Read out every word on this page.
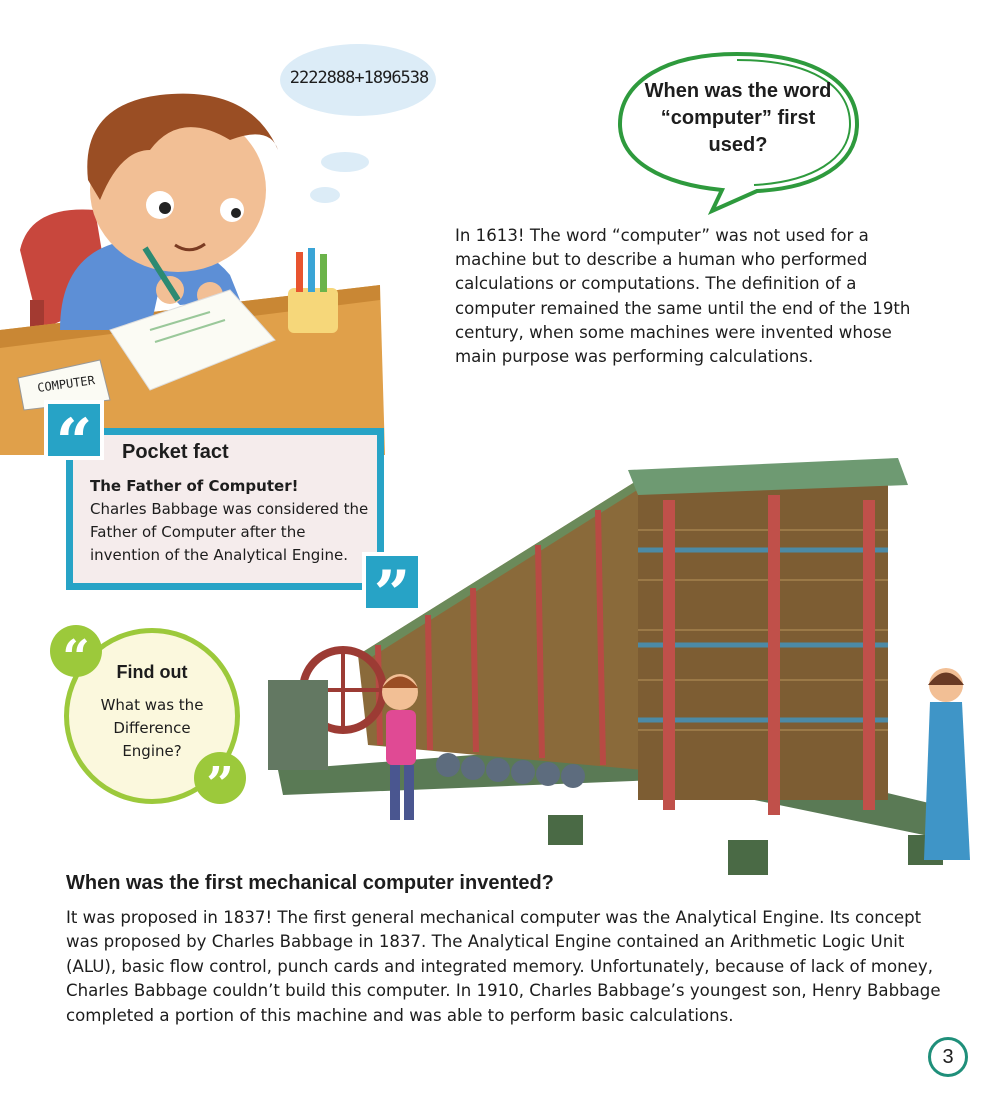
COMPUTER
2222888+1896538
When was the word “computer” first used?
In 1613! The word “computer” was not used for a machine but to describe a human who performed calculations or computations. The definition of a computer remained the same until the end of the 19th century, when some machines were invented whose main purpose was performing calculations.
“
”
Pocket fact
The Father of Computer!
Charles Babbage was considered the Father of Computer after the invention of the Analytical Engine.
“
”
Find out
What was the Difference Engine?
When was the first mechanical computer invented?
It was proposed in 1837! The first general mechanical computer was the Analytical Engine. Its concept was proposed by Charles Babbage in 1837. The Analytical Engine contained an Arithmetic Logic Unit (ALU), basic flow control, punch cards and integrated memory. Unfortunately, because of lack of money, Charles Babbage couldn’t build this computer. In 1910, Charles Babbage’s youngest son, Henry Babbage completed a portion of this machine and was able to perform basic calculations.
3
